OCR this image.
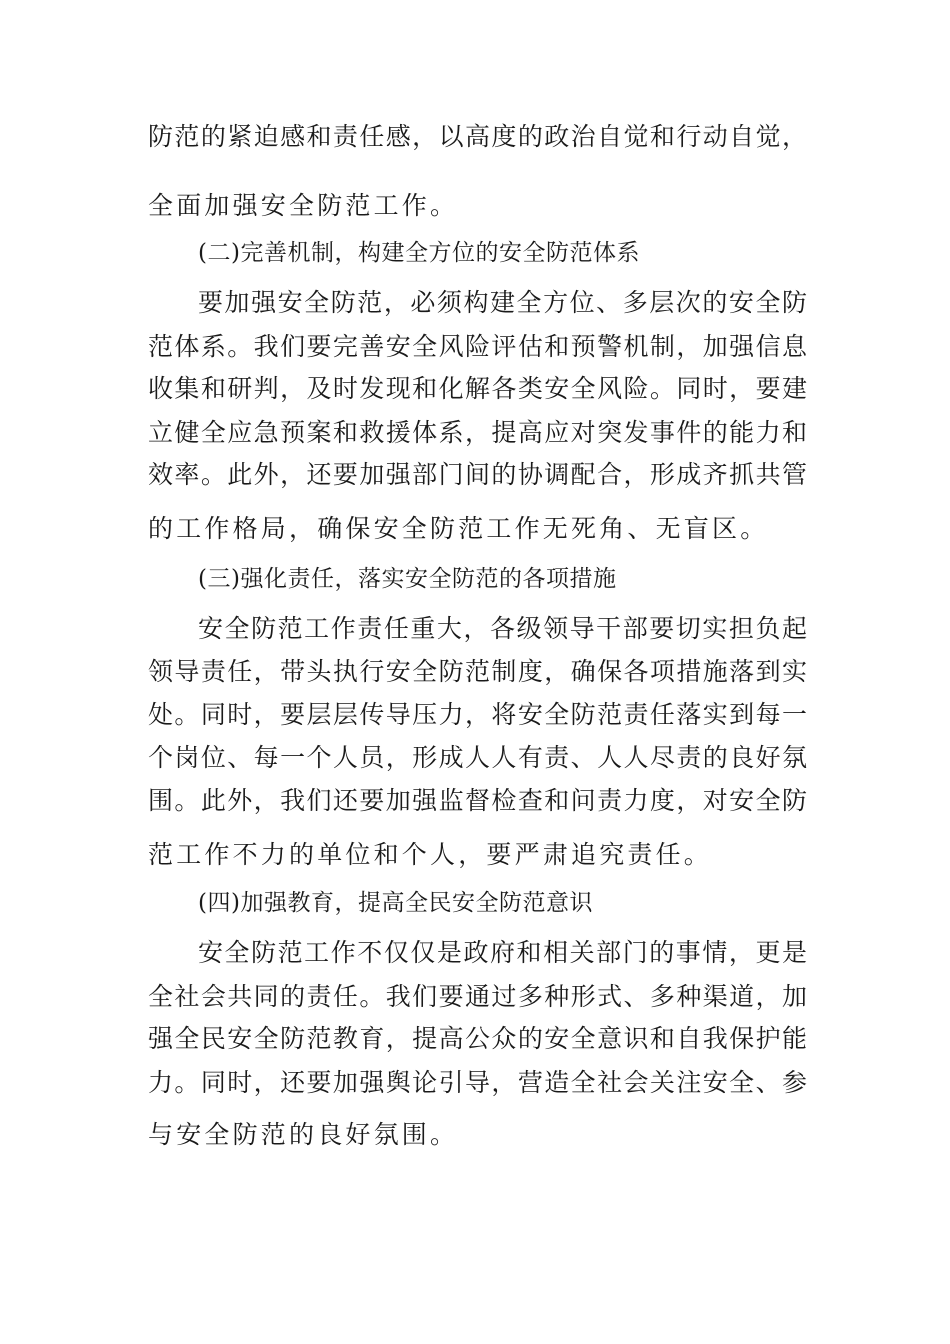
防范的紧迫感和责任感，以高度的政治自觉和行动自觉，
全面加强安全防范工作。
(二)完善机制，构建全方位的安全防范体系
要加强安全防范，必须构建全方位、多层次的安全防
范体系。我们要完善安全风险评估和预警机制，加强信息
收集和研判，及时发现和化解各类安全风险。同时，要建
立健全应急预案和救援体系，提高应对突发事件的能力和
效率。此外，还要加强部门间的协调配合，形成齐抓共管
的工作格局，确保安全防范工作无死角、无盲区。
(三)强化责任，落实安全防范的各项措施
安全防范工作责任重大，各级领导干部要切实担负起
领导责任，带头执行安全防范制度，确保各项措施落到实
处。同时，要层层传导压力，将安全防范责任落实到每一
个岗位、每一个人员，形成人人有责、人人尽责的良好氛
围。此外，我们还要加强监督检查和问责力度，对安全防
范工作不力的单位和个人，要严肃追究责任。
(四)加强教育，提高全民安全防范意识
安全防范工作不仅仅是政府和相关部门的事情，更是
全社会共同的责任。我们要通过多种形式、多种渠道，加
强全民安全防范教育，提高公众的安全意识和自我保护能
力。同时，还要加强舆论引导，营造全社会关注安全、参
与安全防范的良好氛围。
